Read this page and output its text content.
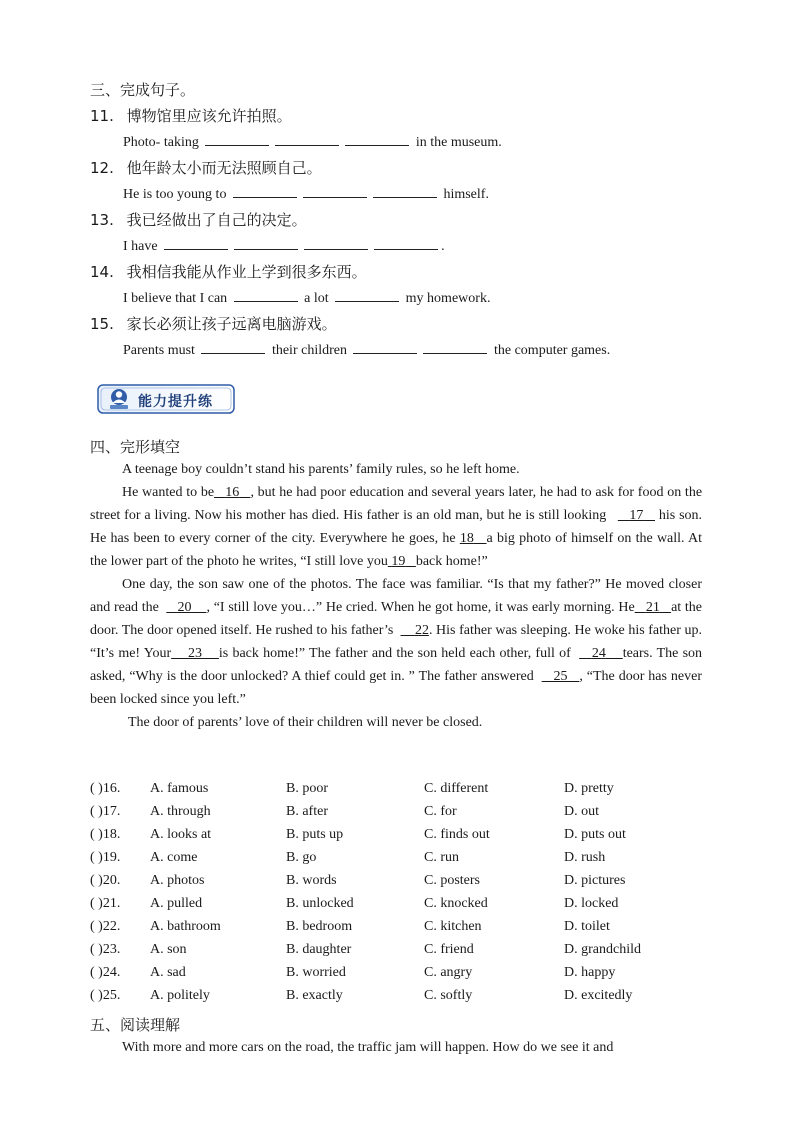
三、完成句子。
11. 博物馆里应该允许拍照。
Photo- taking	in the museum.
12. 他年龄太小而无法照顾自己。
He is too young to	himself.
13. 我已经做出了自己的决定。
I have	.
14. 我相信我能从作业上学到很多东西。
I believe that I can	a lot	my homework.
15. 家长必须让孩子远离电脑游戏。
Parents must	their children	the computer games.
能力提升练
四、完形填空

A teenage boy couldn’t stand his parents’ family rules, so he left home.

He wanted to be 16 , but he had poor education and several years later, he had to ask for food on the street for a living. Now his mother has died. His father is an old man, but he is still looking 17 his son. He has been to every corner of the city. Everywhere he goes, he 18 a big photo of himself on the wall. At the lower part of the photo he writes, “I still love you 19 back home!”

One day, the son saw one of the photos. The face was familiar. “Is that my father?” He moved closer and read the 20 , “I still love you…” He cried. When he got home, it was early morning. He 21 at the door. The door opened itself. He rushed to his father’s 22. His father was sleeping. He woke his father up. “It’s me! Your 23 is back home!” The father and the son held each other, full of 24 tears. The son asked, “Why is the door unlocked? A thief could get in. ” The father answered 25 , “The door has never been locked since you left.”

The door of parents’ love of their children will never be closed.

( )16. A. famous	B. poor	C. different	D. pretty
( )17. A. through	B. after	C. for	D. out
( )18. A. looks at	B. puts up	C. finds out	D. puts out
( )19. A. come	B. go	C. run	D. rush
( )20. A. photos	B. words	C. posters	D. pictures
( )21. A. pulled	B. unlocked	C. knocked	D. locked
( )22. A. bathroom	B. bedroom	C. kitchen	D. toilet
( )23. A. son	B. daughter	C. friend	D. grandchild
( )24. A. sad	B. worried	C. angry	D. happy
( )25. A. politely	B. exactly	C. softly	D. excitedly
五、阅读理解

With more and more cars on the road, the traffic jam will happen. How do we see it and
